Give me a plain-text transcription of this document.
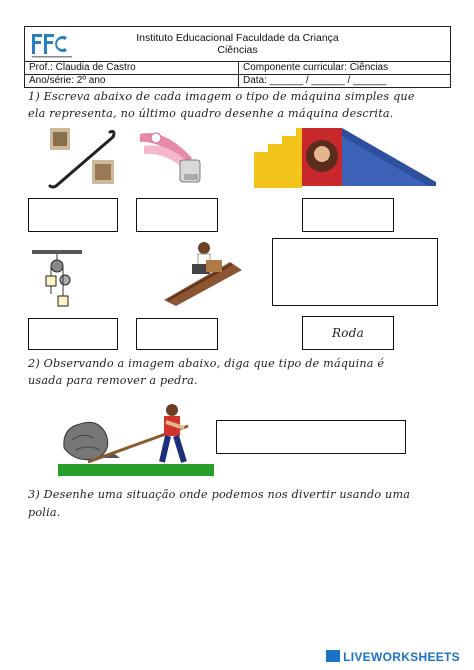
Instituto Educacional Faculdade da Criança
Ciências
Prof.: Claudia de Castro	Componente curricular: Ciências
Ano/série: 2º ano	Data: ______ / ______ / ______
1) Escreva abaixo de cada imagem o tipo de máquina simples que
ela representa, no último quadro desenhe a máquina descrita.
Roda
2) Observando a imagem abaixo, diga que tipo de máquina é
usada para remover a pedra.
3) Desenhe uma situação onde podemos nos divertir usando uma
polia.
LIVEWORKSHEETS
